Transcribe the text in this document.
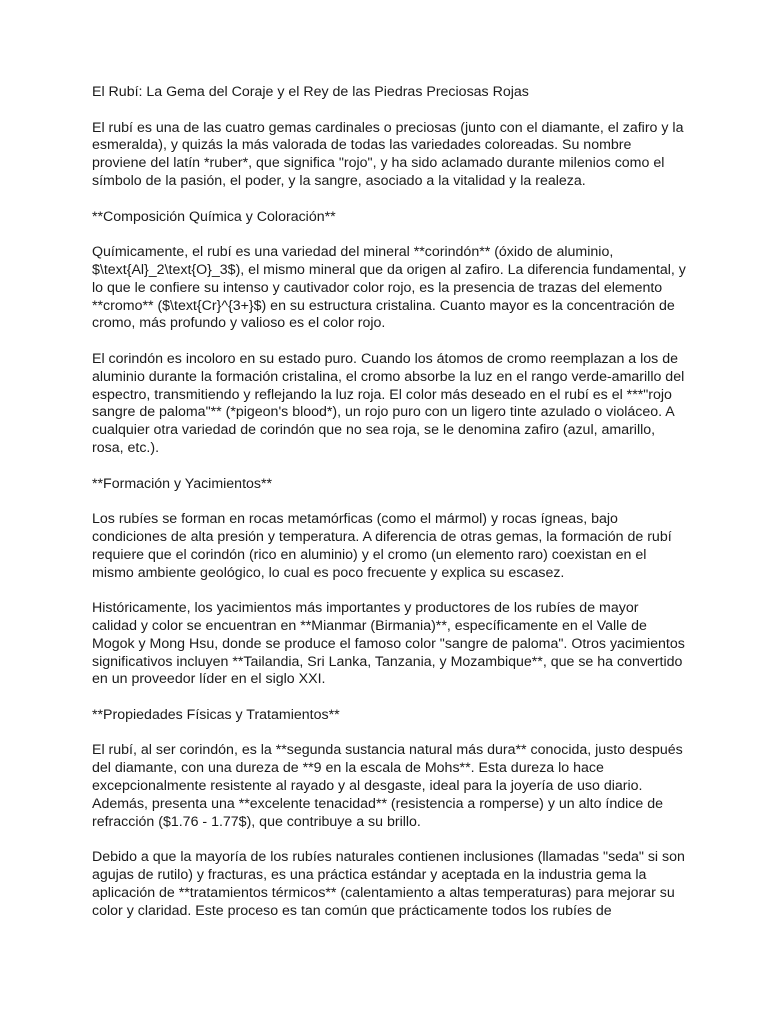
El Rubí: La Gema del Coraje y el Rey de las Piedras Preciosas Rojas

El rubí es una de las cuatro gemas cardinales o preciosas (junto con el diamante, el zafiro y la esmeralda), y quizás la más valorada de todas las variedades coloreadas. Su nombre proviene del latín *ruber*, que significa "rojo", y ha sido aclamado durante milenios como el símbolo de la pasión, el poder, y la sangre, asociado a la vitalidad y la realeza.

**Composición Química y Coloración**

Químicamente, el rubí es una variedad del mineral **corindón** (óxido de aluminio, $\text{Al}_2\text{O}_3$), el mismo mineral que da origen al zafiro. La diferencia fundamental, y lo que le confiere su intenso y cautivador color rojo, es la presencia de trazas del elemento **cromo** ($\text{Cr}^{3+}$) en su estructura cristalina. Cuanto mayor es la concentración de cromo, más profundo y valioso es el color rojo.

El corindón es incoloro en su estado puro. Cuando los átomos de cromo reemplazan a los de aluminio durante la formación cristalina, el cromo absorbe la luz en el rango verde-amarillo del espectro, transmitiendo y reflejando la luz roja. El color más deseado en el rubí es el ***"rojo sangre de paloma"** (*pigeon's blood*), un rojo puro con un ligero tinte azulado o violáceo. A cualquier otra variedad de corindón que no sea roja, se le denomina zafiro (azul, amarillo, rosa, etc.).

**Formación y Yacimientos**

Los rubíes se forman en rocas metamórficas (como el mármol) y rocas ígneas, bajo condiciones de alta presión y temperatura. A diferencia de otras gemas, la formación de rubí requiere que el corindón (rico en aluminio) y el cromo (un elemento raro) coexistan en el mismo ambiente geológico, lo cual es poco frecuente y explica su escasez.

Históricamente, los yacimientos más importantes y productores de los rubíes de mayor calidad y color se encuentran en **Mianmar (Birmania)**, específicamente en el Valle de Mogok y Mong Hsu, donde se produce el famoso color "sangre de paloma". Otros yacimientos significativos incluyen **Tailandia, Sri Lanka, Tanzania, y Mozambique**, que se ha convertido en un proveedor líder en el siglo XXI.

**Propiedades Físicas y Tratamientos**

El rubí, al ser corindón, es la **segunda sustancia natural más dura** conocida, justo después del diamante, con una dureza de **9 en la escala de Mohs**. Esta dureza lo hace excepcionalmente resistente al rayado y al desgaste, ideal para la joyería de uso diario. Además, presenta una **excelente tenacidad** (resistencia a romperse) y un alto índice de refracción ($1.76 - 1.77$), que contribuye a su brillo.

Debido a que la mayoría de los rubíes naturales contienen inclusiones (llamadas "seda" si son agujas de rutilo) y fracturas, es una práctica estándar y aceptada en la industria gema la aplicación de **tratamientos térmicos** (calentamiento a altas temperaturas) para mejorar su color y claridad. Este proceso es tan común que prácticamente todos los rubíes de
